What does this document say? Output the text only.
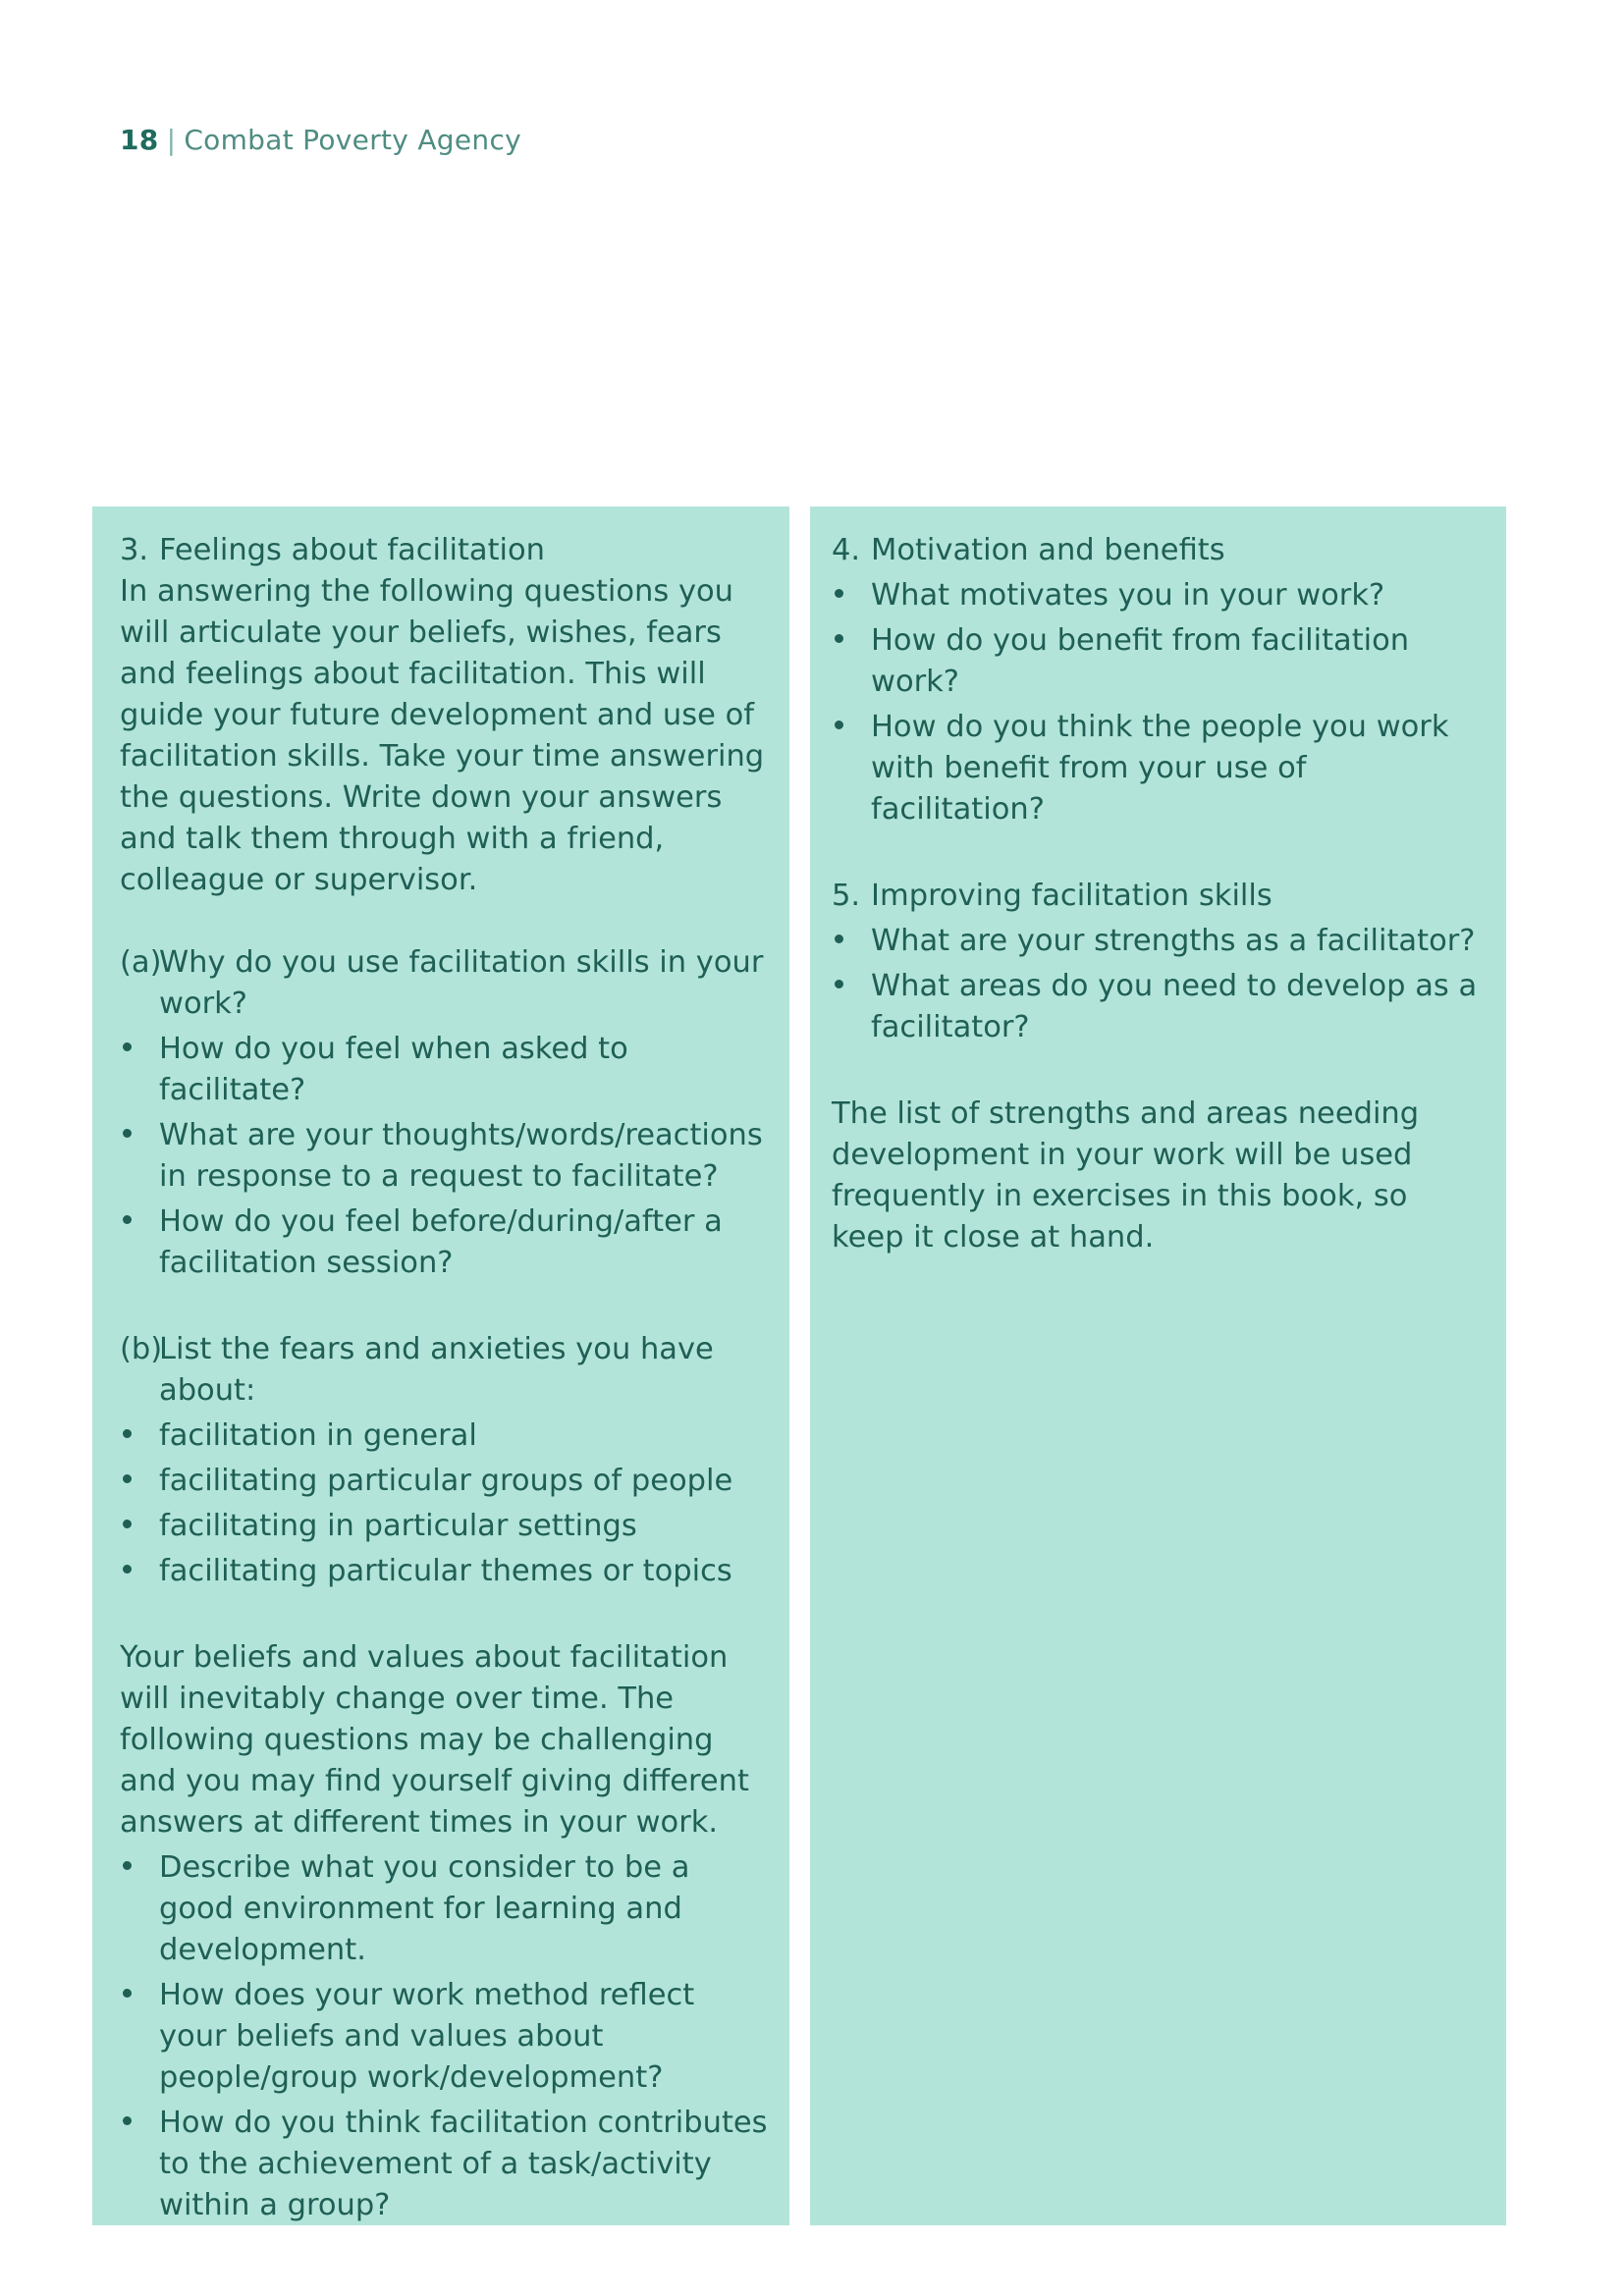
18 | Combat Poverty Agency
3. Feelings about facilitation

In answering the following questions you will articulate your beliefs, wishes, fears and feelings about facilitation. This will guide your future development and use of facilitation skills. Take your time answering the questions. Write down your answers and talk them through with a friend, colleague or supervisor.

(a)
Why do you use facilitation skills in your work?
How do you feel when asked to facilitate?
What are your thoughts/words/reactions in response to a request to facilitate?
How do you feel before/during/after a facilitation session?
(b)
List the fears and anxieties you have about:
facilitation in general
facilitating particular groups of people
facilitating in particular settings
facilitating particular themes or topics

Your beliefs and values about facilitation will inevitably change over time. The following questions may be challenging and you may find yourself giving different answers at different times in your work.

Describe what you consider to be a good environment for learning and development.
How does your work method reflect your beliefs and values about people/group work/development?
How do you think facilitation contributes to the achievement of a task/activity within a group?
4. Motivation and benefits
What motivates you in your work?
How do you benefit from facilitation work?
How do you think the people you work with benefit from your use of facilitation?
5. Improving facilitation skills
What are your strengths as a facilitator?
What areas do you need to develop as a facilitator?

The list of strengths and areas needing development in your work will be used frequently in exercises in this book, so keep it close at hand.
